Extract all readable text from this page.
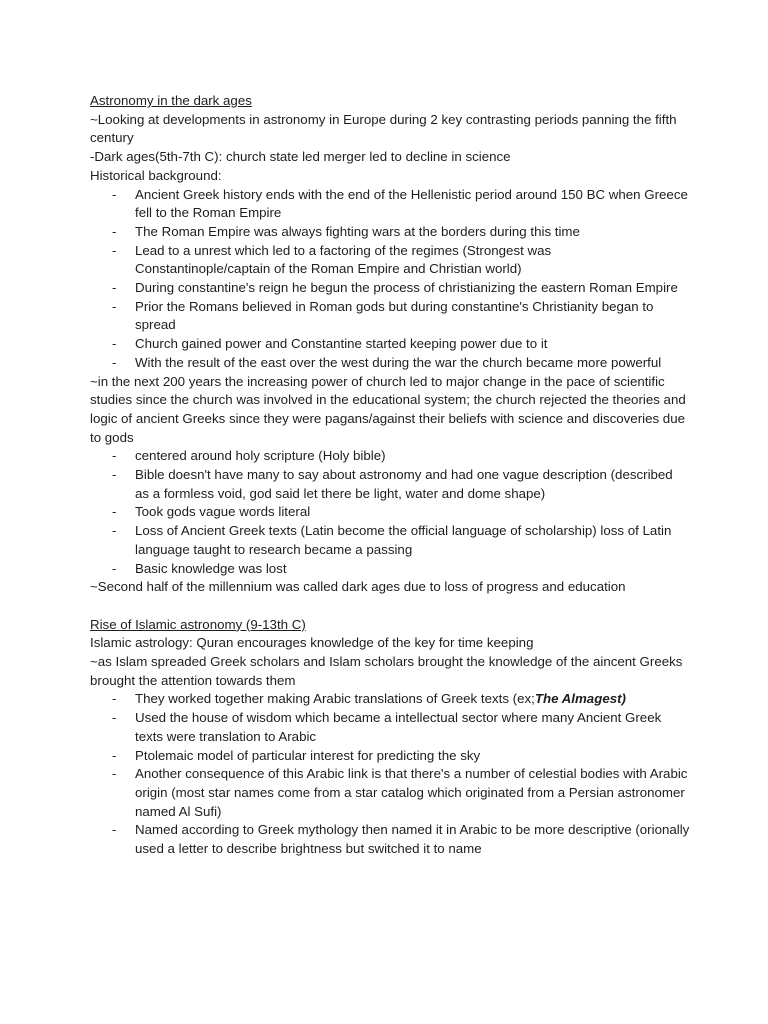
Astronomy in the dark ages

~Looking at developments in astronomy in Europe during 2 key contrasting periods panning the fifth century

-Dark ages(5th-7th C): church state led merger led to decline in science

Historical background:

- Ancient Greek history ends with the end of the Hellenistic period around 150 BC when Greece fell to the Roman Empire
- The Roman Empire was always fighting wars at the borders during this time
- Lead to a unrest which led to a factoring of the regimes (Strongest was Constantinople/captain of the Roman Empire and Christian world)
- During constantine's reign he begun the process of christianizing the eastern Roman Empire
- Prior the Romans believed in Roman gods but during constantine's Christianity began to spread
- Church gained power and Constantine started keeping power due to it
- With the result of the east over the west during the war the church became more powerful

~in the next 200 years the increasing power of church led to major change in the pace of scientific studies since the church was involved in the educational system; the church rejected the theories and logic of ancient Greeks since they were pagans/against their beliefs with science and discoveries due to gods

- centered around holy scripture (Holy bible)
- Bible doesn't have many to say about astronomy and had one vague description (described as a formless void, god said let there be light, water and dome shape)
- Took gods vague words literal
- Loss of Ancient Greek texts (Latin become the official language of scholarship) loss of Latin language taught to research became a passing
- Basic knowledge was lost

~Second half of the millennium was called dark ages due to loss of progress and education

Rise of Islamic astronomy (9-13th C)

Islamic astrology: Quran encourages knowledge of the key for time keeping

~as Islam spreaded Greek scholars and Islam scholars brought the knowledge of the aincent Greeks brought the attention towards them

- They worked together making Arabic translations of Greek texts (ex;The Almagest)
- Used the house of wisdom which became a intellectual sector where many Ancient Greek texts were translation to Arabic
- Ptolemaic model of particular interest for predicting the sky
- Another consequence of this Arabic link is that there's a number of celestial bodies with Arabic origin (most star names come from a star catalog which originated from a Persian astronomer named Al Sufi)
- Named according to Greek mythology then named it in Arabic to be more descriptive (orionally used a letter to describe brightness but switched it to name
